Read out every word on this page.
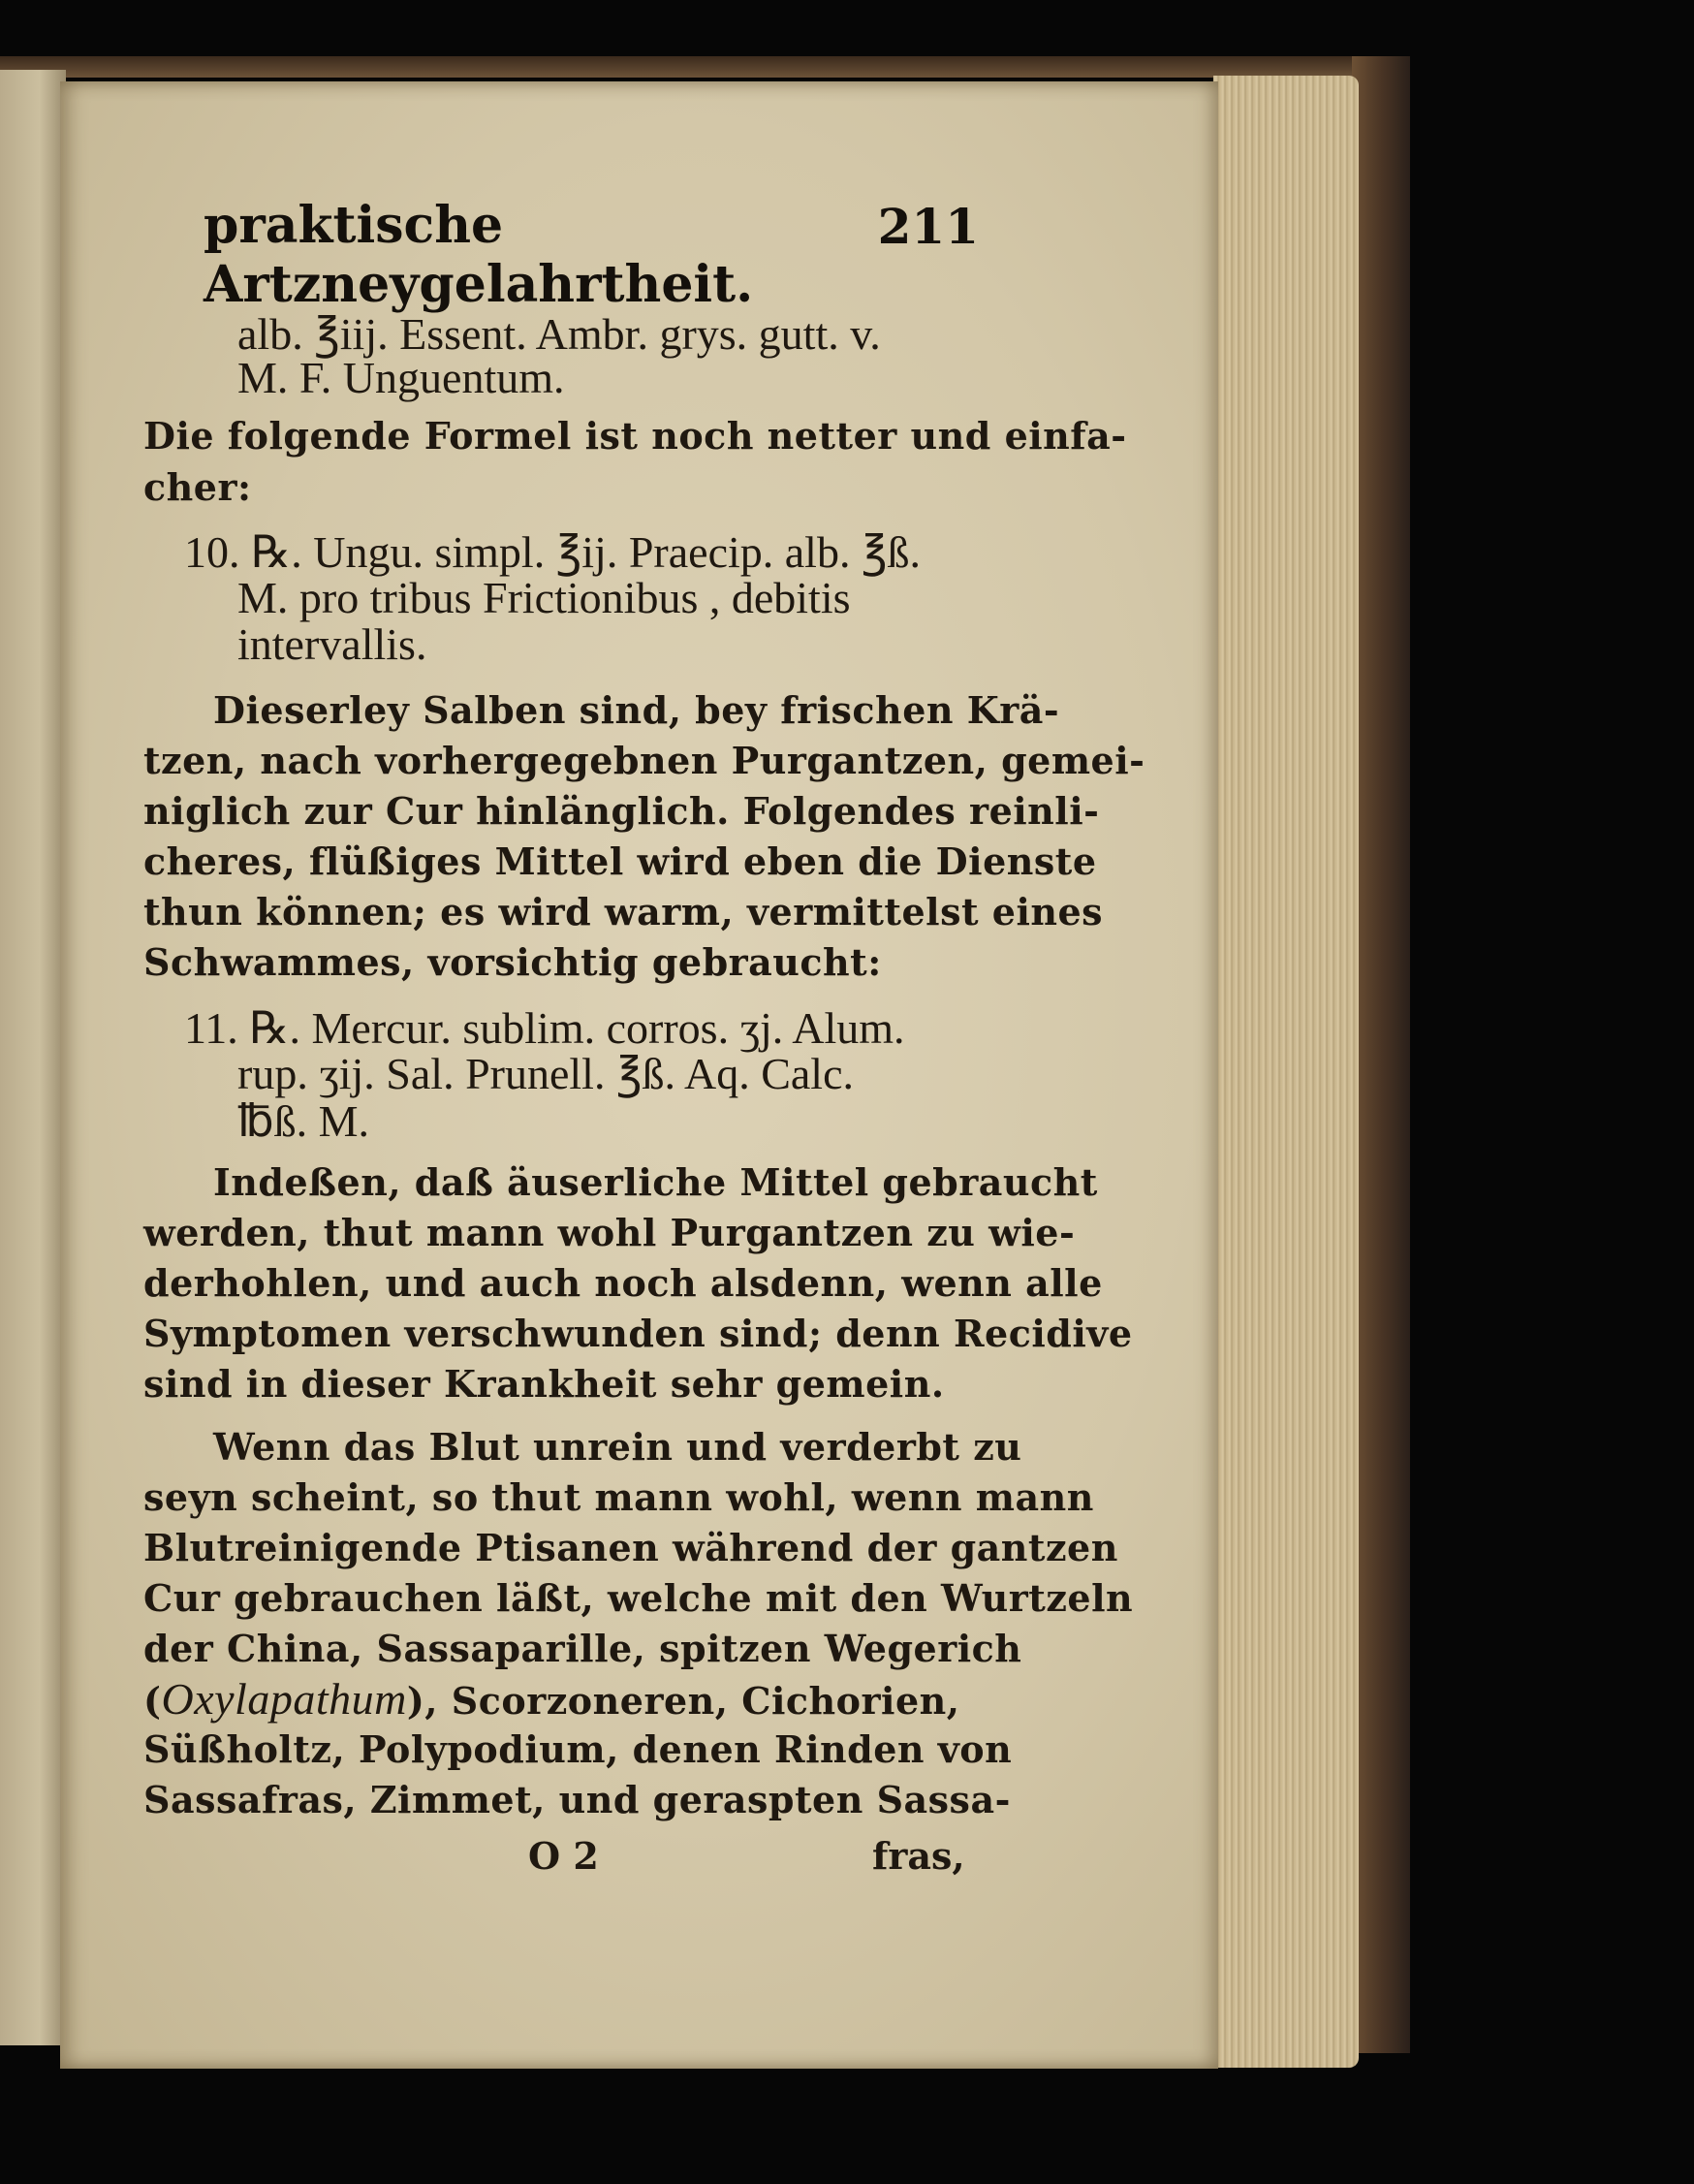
praktische Artzneygelahrtheit.
211
alb. ℥iij. Essent. Ambr. grys. gutt. v.
M. F. Unguentum.
Die folgende Formel ist noch netter und einfa-
cher:
10. ℞. Ungu. simpl. ℥ij. Praecip. alb. ℥ß.
M. pro tribus Frictionibus , debitis
intervallis.
Dieserley Salben sind, bey frischen Krä-
tzen, nach vorhergegebnen Purgantzen, gemei-
niglich zur Cur hinlänglich. Folgendes reinli-
cheres, flüßiges Mittel wird eben die Dienste
thun können; es wird warm, vermittelst eines
Schwammes, vorsichtig gebraucht:
11. ℞. Mercur. sublim. corros. ʒj. Alum.
rup. ʒij. Sal. Prunell. ℥ß. Aq. Calc.
℔ß. M.
Indeßen, daß äuserliche Mittel gebraucht
werden, thut mann wohl Purgantzen zu wie-
derhohlen, und auch noch alsdenn, wenn alle
Symptomen verschwunden sind; denn Recidive
sind in dieser Krankheit sehr gemein.
Wenn das Blut unrein und verderbt zu
seyn scheint, so thut mann wohl, wenn mann
Blutreinigende Ptisanen während der gantzen
Cur gebrauchen läßt, welche mit den Wurtzeln
der China, Sassaparille, spitzen Wegerich
(Oxylapathum), Scorzoneren, Cichorien,
Süßholtz, Polypodium, denen Rinden von
Sassafras, Zimmet, und geraspten Sassa-
O 2	fras,
